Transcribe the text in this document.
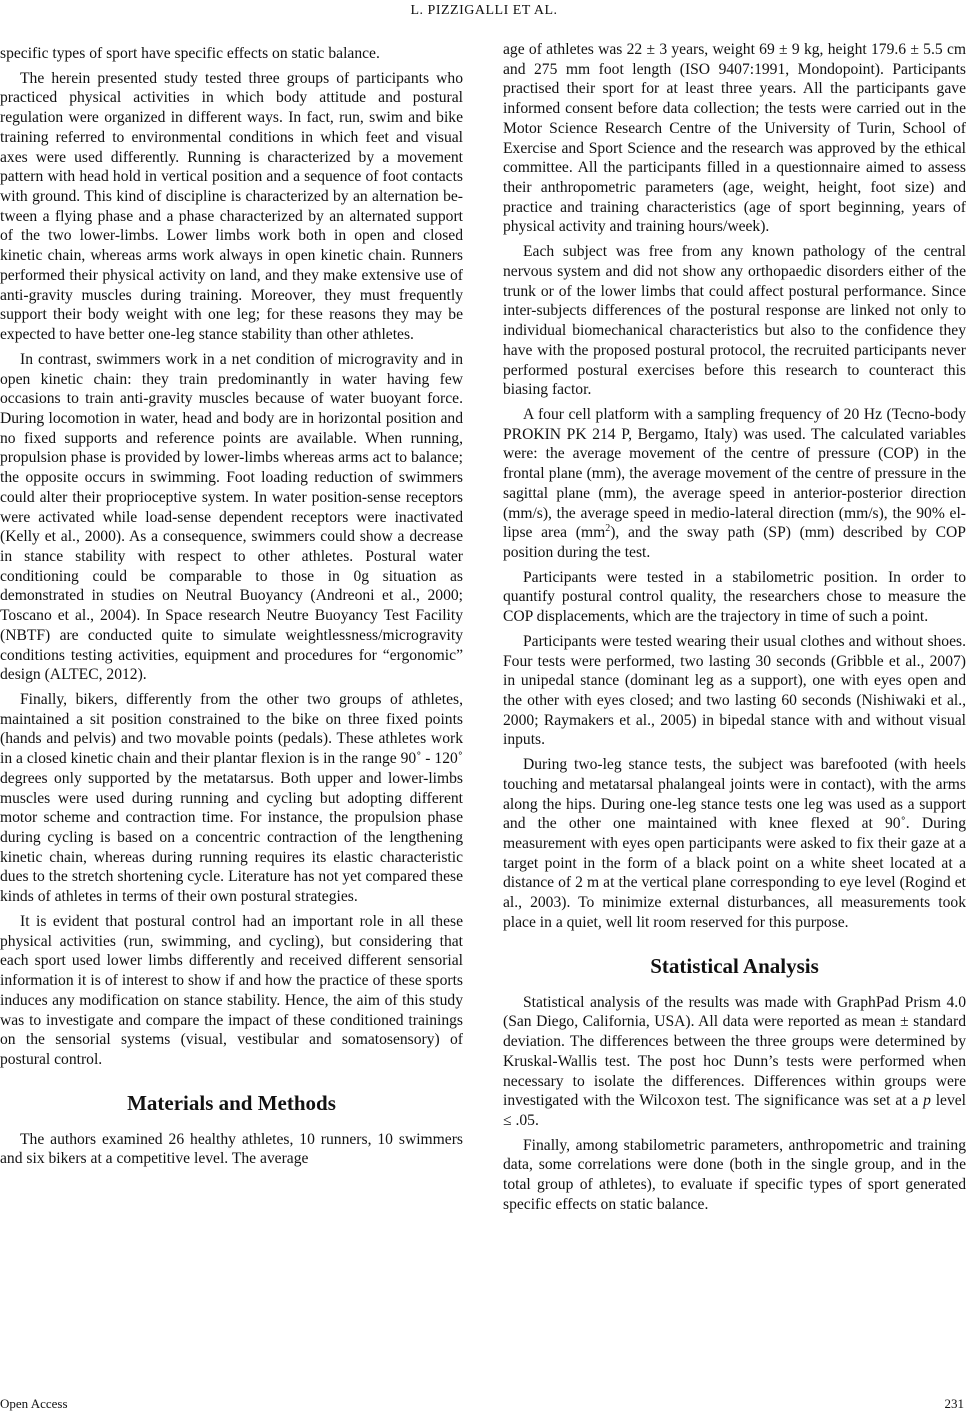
L. PIZZIGALLI ET AL.

specific types of sport have specific effects on static balance.

The herein presented study tested three groups of participants who practiced physical activities in which body attitude and postural regulation were organized in different ways. In fact, run, swim and bike training referred to environmental conditions in which feet and visual axes were used differently. Running is characterized by a movement pattern with head hold in vertical position and a sequence of foot contacts with ground. This kind of discipline is characterized by an alternation between a flying phase and a phase characterized by an alternated support of the two lower-limbs. Lower limbs work both in open and closed kinetic chain, whereas arms work always in open kinetic chain. Runners performed their physical activity on land, and they make extensive use of anti-gravity muscles during training. Moreover, they must frequently support their body weight with one leg; for these reasons they may be expected to have better one-leg stance stability than other athletes.

In contrast, swimmers work in a net condition of microgravity and in open kinetic chain: they train predominantly in water having few occasions to train anti-gravity muscles because of water buoyant force. During locomotion in water, head and body are in horizontal position and no fixed supports and reference points are available. When running, propulsion phase is provided by lower-limbs whereas arms act to balance; the opposite occurs in swimming. Foot loading reduction of swimmers could alter their proprioceptive system. In water position-sense receptors were activated while load-sense dependent receptors were inactivated (Kelly et al., 2000). As a consequence, swimmers could show a decrease in stance stability with respect to other athletes. Postural water conditioning could be comparable to those in 0g situation as demonstrated in studies on Neutral Buoyancy (Andreoni et al., 2000; Toscano et al., 2004). In Space research Neutre Buoyancy Test Facility (NBTF) are conducted quite to simulate weightlessness/microgravity conditions testing activities, equipment and procedures for “ergonomic” design (ALTEC, 2012).

Finally, bikers, differently from the other two groups of athletes, maintained a sit position constrained to the bike on three fixed points (hands and pelvis) and two movable points (pedals). These athletes work in a closed kinetic chain and their plantar flexion is in the range 90˚ - 120˚ degrees only supported by the metatarsus. Both upper and lower-limbs muscles were used during running and cycling but adopting different motor scheme and contraction time. For instance, the propulsion phase during cycling is based on a concentric contraction of the lengthening kinetic chain, whereas during running requires its elastic characteristic dues to the stretch shortening cycle. Literature has not yet compared these kinds of athletes in terms of their own postural strategies.

It is evident that postural control had an important role in all these physical activities (run, swimming, and cycling), but considering that each sport used lower limbs differently and received different sensorial information it is of interest to show if and how the practice of these sports induces any modification on stance stability. Hence, the aim of this study was to investigate and compare the impact of these conditioned trainings on the sensorial systems (visual, vestibular and somatosensory) of postural control.

Materials and Methods

The authors examined 26 healthy athletes, 10 runners, 10 swimmers and six bikers at a competitive level. The average

age of athletes was 22 ± 3 years, weight 69 ± 9 kg, height 179.6 ± 5.5 cm and 275 mm foot length (ISO 9407:1991, Mondopoint). Participants practised their sport for at least three years. All the participants gave informed consent before data collection; the tests were carried out in the Motor Science Research Centre of the University of Turin, School of Exercise and Sport Science and the research was approved by the ethical committee. All the participants filled in a questionnaire aimed to assess their anthropometric parameters (age, weight, height, foot size) and practice and training characteristics (age of sport beginning, years of physical activity and training hours/week).

Each subject was free from any known pathology of the central nervous system and did not show any orthopaedic disorders either of the trunk or of the lower limbs that could affect postural performance. Since inter-subjects differences of the postural response are linked not only to individual biomechanical characteristics but also to the confidence they have with the proposed postural protocol, the recruited participants never performed postural exercises before this research to counteract this biasing factor.

A four cell platform with a sampling frequency of 20 Hz (Tecno-body PROKIN PK 214 P, Bergamo, Italy) was used. The calculated variables were: the average movement of the centre of pressure (COP) in the frontal plane (mm), the average movement of the centre of pressure in the sagittal plane (mm), the average speed in anterior-posterior direction (mm/s), the average speed in medio-lateral direction (mm/s), the 90% ellipse area $(mm^2)$, and the sway path (SP) (mm) described by COP position during the test.

Participants were tested in a stabilometric position. In order to quantify postural control quality, the researchers chose to measure the COP displacements, which are the trajectory in time of such a point.

Participants were tested wearing their usual clothes and without shoes. Four tests were performed, two lasting 30 seconds (Gribble et al., 2007) in unipedal stance (dominant leg as a support), one with eyes open and the other with eyes closed; and two lasting 60 seconds (Nishiwaki et al., 2000; Raymakers et al., 2005) in bipedal stance with and without visual inputs.

During two-leg stance tests, the subject was barefooted (with heels touching and metatarsal phalangeal joints were in contact), with the arms along the hips. During one-leg stance tests one leg was used as a support and the other one maintained with knee flexed at 90˚. During measurement with eyes open participants were asked to fix their gaze at a target point in the form of a black point on a white sheet located at a distance of 2 m at the vertical plane corresponding to eye level (Rogind et al., 2003). To minimize external disturbances, all measurements took place in a quiet, well lit room reserved for this purpose.

Statistical Analysis

Statistical analysis of the results was made with GraphPad Prism 4.0 (San Diego, California, USA). All data were reported as mean ± standard deviation. The differences between the three groups were determined by Kruskal-Wallis test. The post hoc Dunn’s tests were performed when necessary to isolate the differences. Differences within groups were investigated with the Wilcoxon test. The significance was set at a p level ≤ .05.

Finally, among stabilometric parameters, anthropometric and training data, some correlations were done (both in the single group, and in the total group of athletes), to evaluate if specific types of sport generated specific effects on static balance.

Open Access	231
